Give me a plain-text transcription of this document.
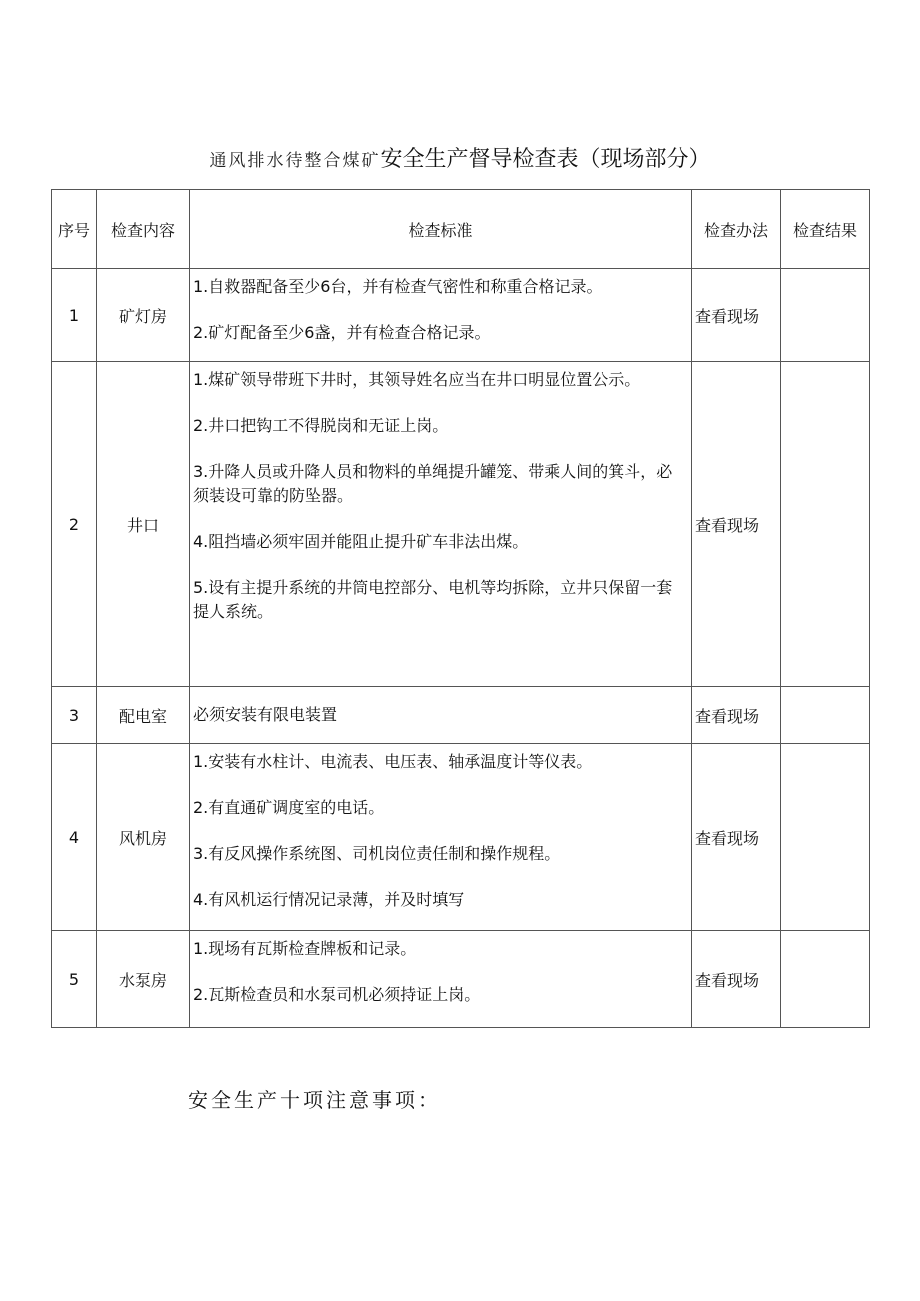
通风排水待整合煤矿安全生产督导检查表（现场部分）
序号	检查内容	检查标准	检查办法	检查结果
1	矿灯房	1.自救器配备至少6台，并有检查气密性和称重合格记录。
2.矿灯配备至少6盏，并有检查合格记录。	查看现场	
2	井口	1.煤矿领导带班下井时，其领导姓名应当在井口明显位置公示。
2.井口把钩工不得脱岗和无证上岗。
3.升降人员或升降人员和物料的单绳提升罐笼、带乘人间的箕斗，必须装设可靠的防坠器。
4.阻挡墙必须牢固并能阻止提升矿车非法出煤。
5.设有主提升系统的井筒电控部分、电机等均拆除，立井只保留一套提人系统。	查看现场	
3	配电室	必须安装有限电装置	查看现场	
4	风机房	1.安装有水柱计、电流表、电压表、轴承温度计等仪表。
2.有直通矿调度室的电话。
3.有反风操作系统图、司机岗位责任制和操作规程。
4.有风机运行情况记录薄，并及时填写	查看现场	
5	水泵房	1.现场有瓦斯检查牌板和记录。
2.瓦斯检查员和水泵司机必须持证上岗。	查看现场	
安全生产十项注意事项：
